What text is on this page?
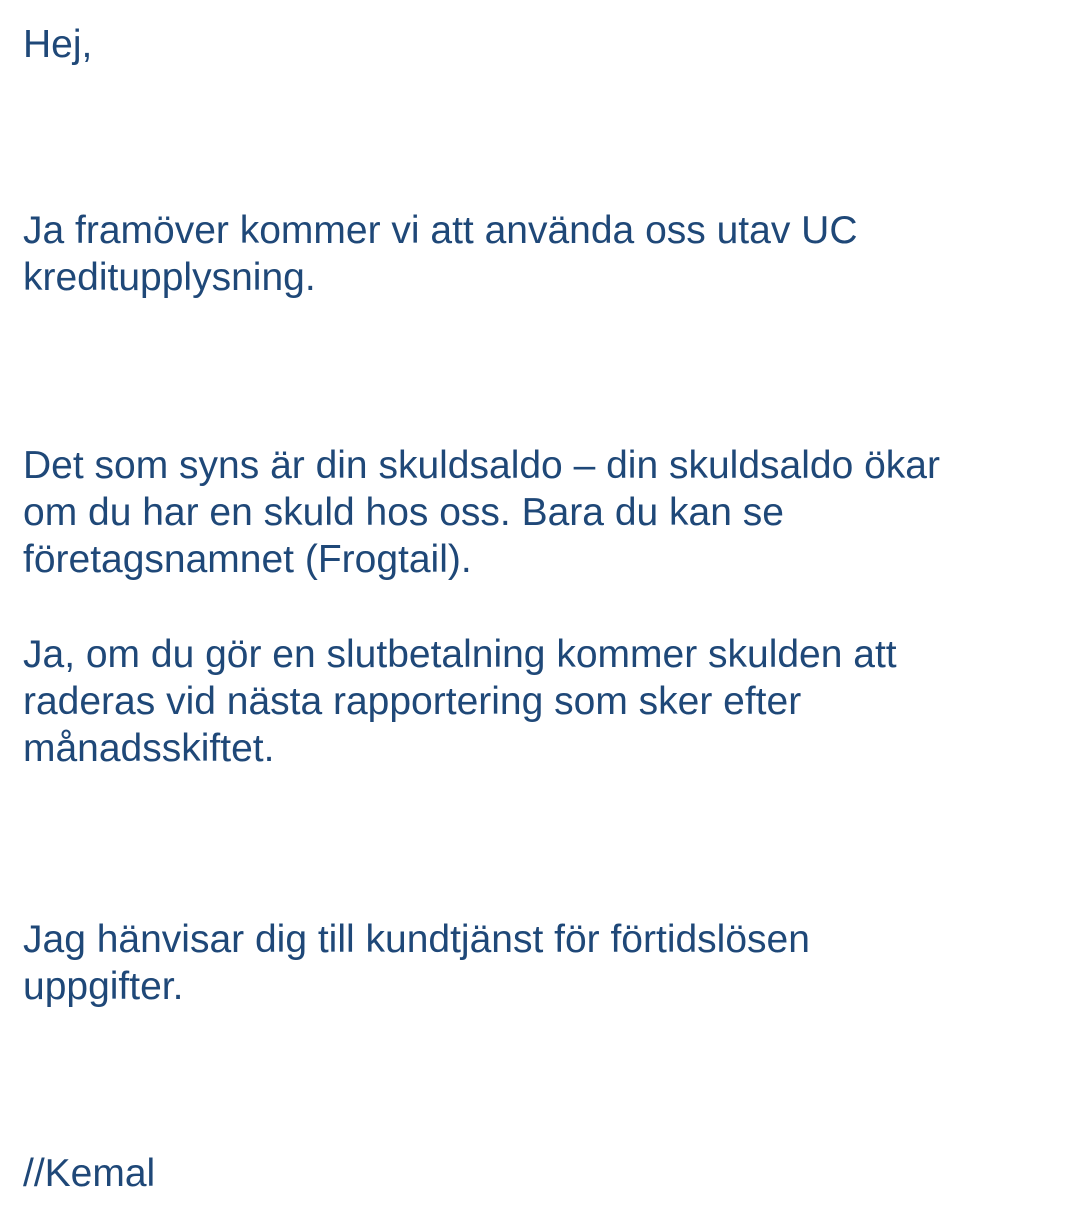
Hej,

Ja framöver kommer vi att använda oss utav UC
kreditupplysning.

Det som syns är din skuldsaldo – din skuldsaldo ökar
om du har en skuld hos oss. Bara du kan se
företagsnamnet (Frogtail).

Ja, om du gör en slutbetalning kommer skulden att
raderas vid nästa rapportering som sker efter
månadsskiftet.

Jag hänvisar dig till kundtjänst för förtidslösen
uppgifter.

//Kemal
